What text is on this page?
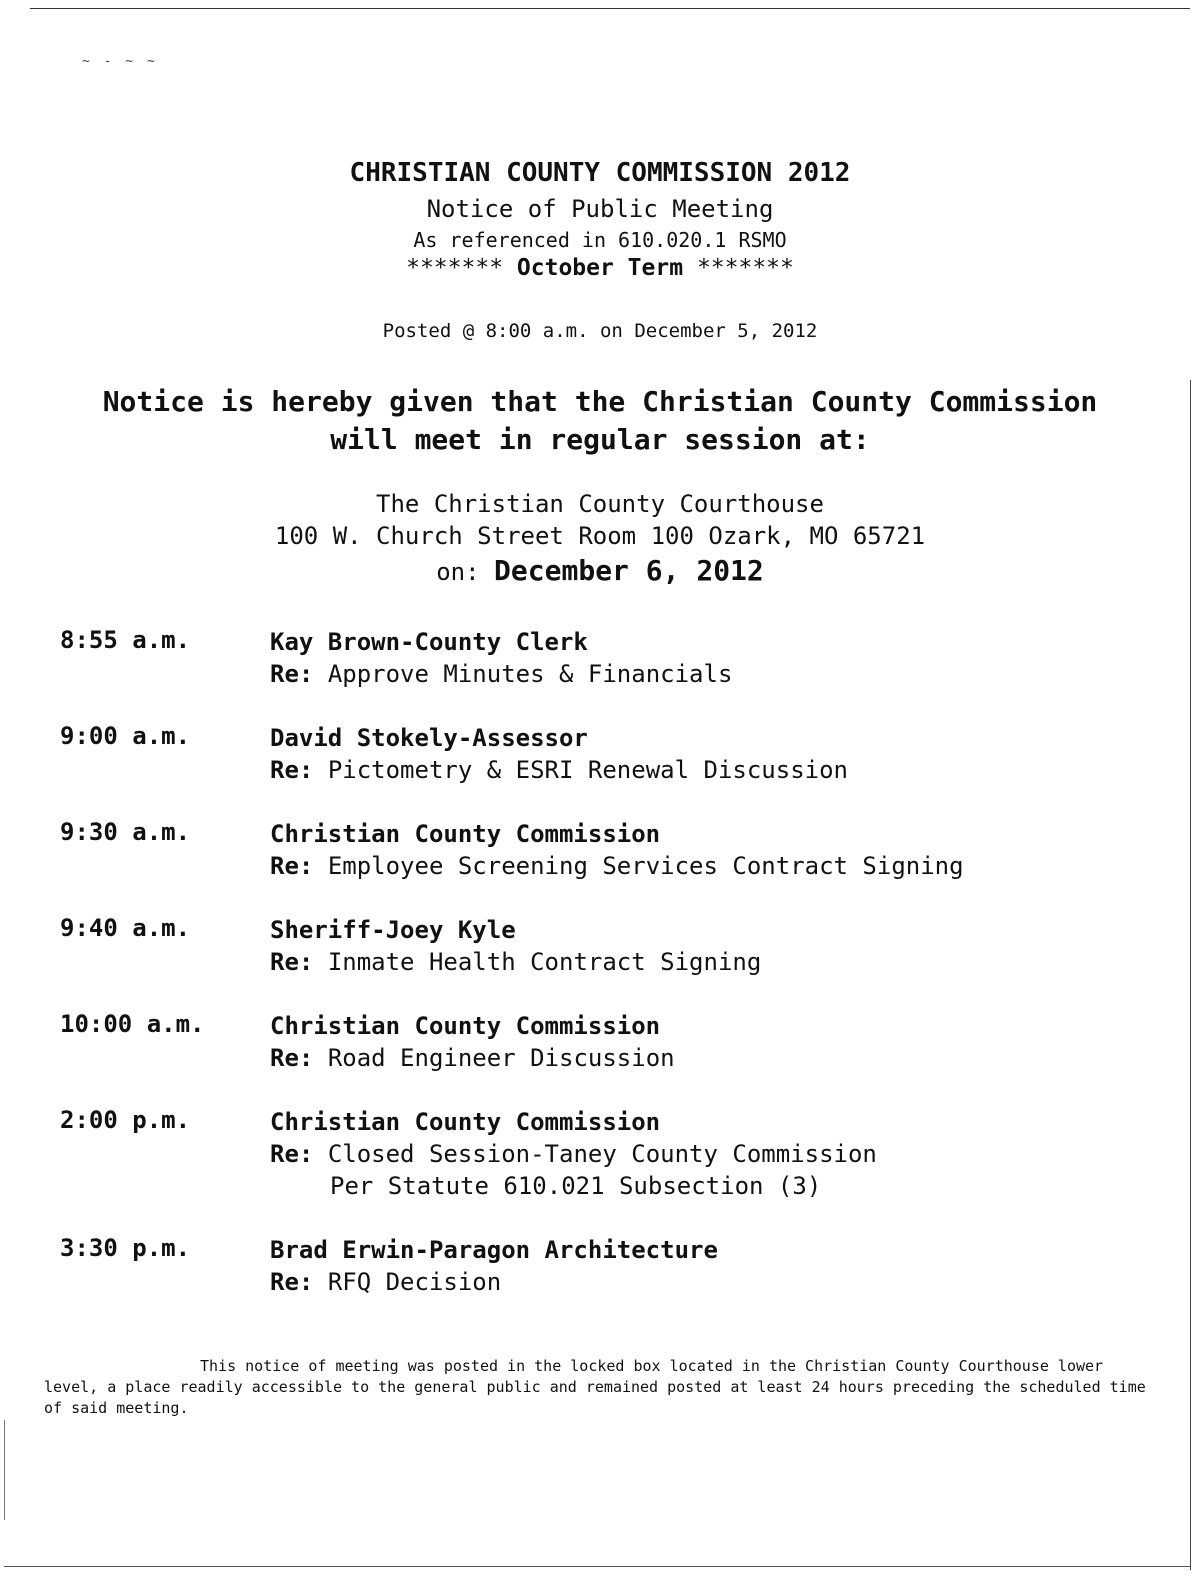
~ - ~ ~
CHRISTIAN COUNTY COMMISSION 2012
Notice of Public Meeting
As referenced in 610.020.1 RSMO
******* October Term *******
Posted @ 8:00 a.m. on December 5, 2012
Notice is hereby given that the Christian County Commission
will meet in regular session at:
The Christian County Courthouse
100 W. Church Street Room 100 Ozark, MO 65721
on: December 6, 2012
8:55 a.m.	Kay Brown-County Clerk
Re: Approve Minutes & Financials
9:00 a.m.	David Stokely-Assessor
Re: Pictometry & ESRI Renewal Discussion
9:30 a.m.	Christian County Commission
Re: Employee Screening Services Contract Signing
9:40 a.m.	Sheriff-Joey Kyle
Re: Inmate Health Contract Signing
10:00 a.m.	Christian County Commission
Re: Road Engineer Discussion
2:00 p.m.	Christian County Commission
Re: Closed Session-Taney County Commission
Per Statute 610.021 Subsection (3)
3:30 p.m.	Brad Erwin-Paragon Architecture
Re: RFQ Decision
This notice of meeting was posted in the locked box located in the Christian County Courthouse lower level, a place readily accessible to the general public and remained posted at least 24 hours preceding the scheduled time of said meeting.
